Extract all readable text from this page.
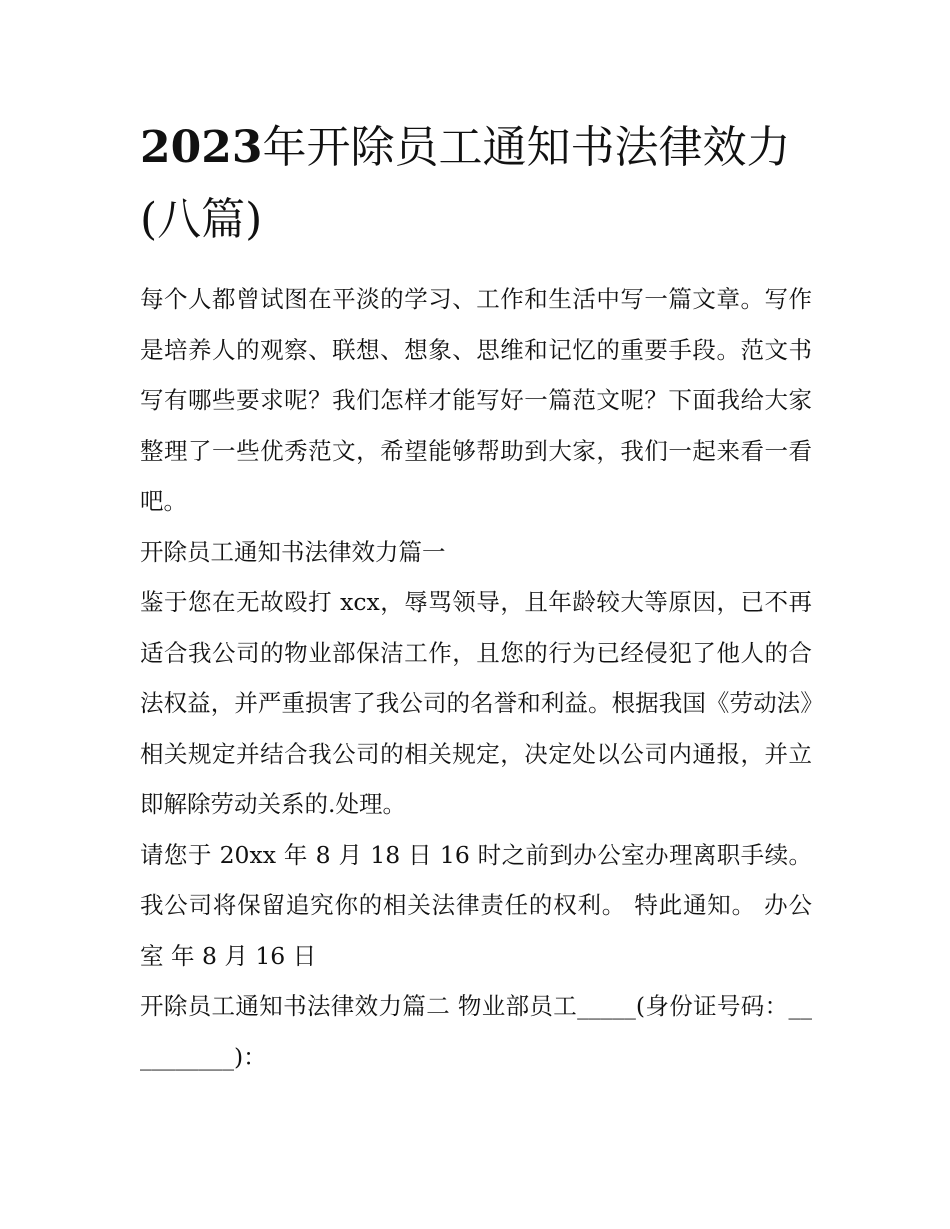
2023年开除员工通知书法律效力(八篇)

每个人都曾试图在平淡的学习、工作和生活中写一篇文章。写作是培养人的观察、联想、想象、思维和记忆的重要手段。范文书写有哪些要求呢？我们怎样才能写好一篇范文呢？下面我给大家整理了一些优秀范文，希望能够帮助到大家，我们一起来看一看吧。

开除员工通知书法律效力篇一

鉴于您在无故殴打 xcx，辱骂领导，且年龄较大等原因，已不再适合我公司的物业部保洁工作，且您的行为已经侵犯了他人的合法权益，并严重损害了我公司的名誉和利益。根据我国《劳动法》相关规定并结合我公司的相关规定，决定处以公司内通报，并立即解除劳动关系的.处理。

请您于 20xx 年 8 月 18 日 16 时之前到办公室办理离职手续。 我公司将保留追究你的相关法律责任的权利。 特此通知。 办公室 年 8 月 16 日

开除员工通知书法律效力篇二 物业部员工_____(身份证号码：__________)：
